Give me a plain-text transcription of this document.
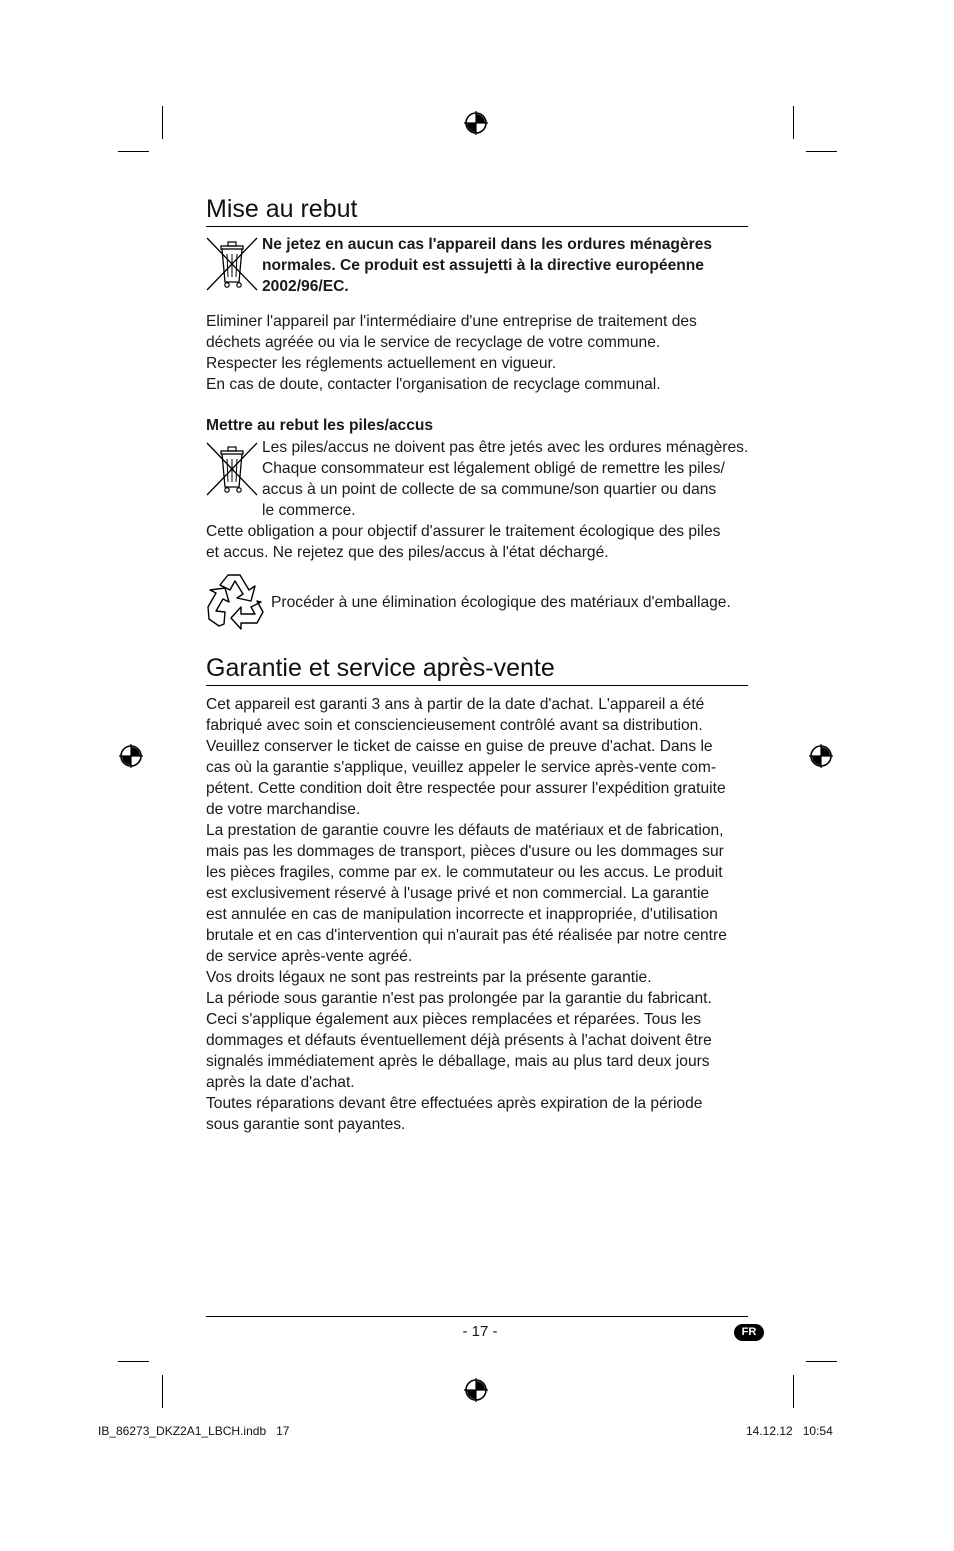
Mise au rebut
Ne jetez en aucun cas l'appareil dans les ordures ménagères normales. Ce produit est assujetti à la directive européenne 2002/96/EC.

Eliminer l'appareil par l'intermédiaire d'une entreprise de traitement des

déchets agréée ou via le service de recyclage de votre commune.

Respecter les réglements actuellement en vigueur.

En cas de doute, contacter l'organisation de recyclage communal.

Mettre au rebut les piles/accus

Les piles/accus ne doivent pas être jetés avec les ordures ménagères.

Chaque consommateur est légalement obligé de remettre les piles/

accus à un point de collecte de sa commune/son quartier ou dans

le commerce.

Cette obligation a pour objectif d'assurer le traitement écologique des piles

et accus. Ne rejetez que des piles/accus à l'état déchargé.

Procéder à une élimination écologique des matériaux d'emballage.
Garantie et service après-vente

Cet appareil est garanti 3 ans à partir de la date d'achat. L'appareil a été

fabriqué avec soin et consciencieusement contrôlé avant sa distribution.

Veuillez conserver le ticket de caisse en guise de preuve d'achat. Dans le

cas où la garantie s'applique, veuillez appeler le service après-vente com-

pétent. Cette condition doit être respectée pour assurer l'expédition gratuite

de votre marchandise.

La prestation de garantie couvre les défauts de matériaux et de fabrication,

mais pas les dommages de transport, pièces d'usure ou les dommages sur

les pièces fragiles, comme par ex. le commutateur ou les accus. Le produit

est exclusivement réservé à l'usage privé et non commercial. La garantie

est annulée en cas de manipulation incorrecte et inappropriée, d'utilisation

brutale et en cas d'intervention qui n'aurait pas été réalisée par notre centre

de service après-vente agréé.

Vos droits légaux ne sont pas restreints par la présente garantie.

La période sous garantie n'est pas prolongée par la garantie du fabricant.

Ceci s'applique également aux pièces remplacées et réparées. Tous les

dommages et défauts éventuellement déjà présents à l'achat doivent être

signalés immédiatement après le déballage, mais au plus tard deux jours

après la date d'achat.

Toutes réparations devant être effectuées après expiration de la période

sous garantie sont payantes.

- 17 -	FR
IB_86273_DKZ2A1_LBCH.indb   17	14.12.12   10:54
